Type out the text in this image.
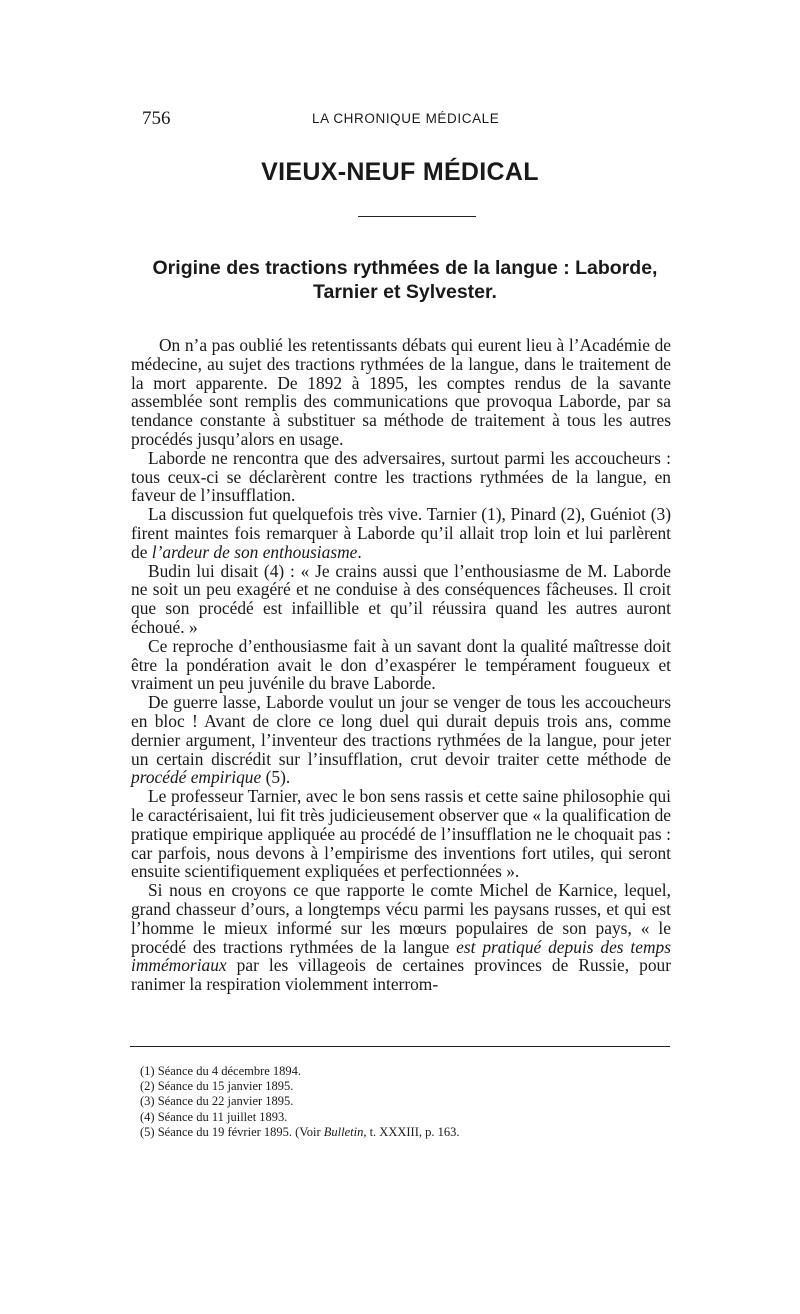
756	LA CHRONIQUE MÉDICALE
VIEUX-NEUF MÉDICAL
Origine des tractions rythmées de la langue : Laborde, Tarnier et Sylvester.

On n’a pas oublié les retentissants débats qui eurent lieu à l’Académie de médecine, au sujet des tractions rythmées de la langue, dans le traitement de la mort apparente. De 1892 à 1895, les comptes rendus de la savante assemblée sont remplis des communications que provoqua Laborde, par sa tendance constante à substituer sa méthode de traitement à tous les autres procédés jusqu’alors en usage.

Laborde ne rencontra que des adversaires, surtout parmi les accoucheurs : tous ceux-ci se déclarèrent contre les tractions rythmées de la langue, en faveur de l’insufflation.

La discussion fut quelquefois très vive. Tarnier (1), Pinard (2), Guéniot (3) firent maintes fois remarquer à Laborde qu’il allait trop loin et lui parlèrent de l’ardeur de son enthousiasme.

Budin lui disait (4) : « Je crains aussi que l’enthousiasme de M. Laborde ne soit un peu exagéré et ne conduise à des conséquences fâcheuses. Il croit que son procédé est infaillible et qu’il réussira quand les autres auront échoué. »

Ce reproche d’enthousiasme fait à un savant dont la qualité maîtresse doit être la pondération avait le don d’exaspérer le tempérament fougueux et vraiment un peu juvénile du brave Laborde.

De guerre lasse, Laborde voulut un jour se venger de tous les accoucheurs en bloc ! Avant de clore ce long duel qui durait depuis trois ans, comme dernier argument, l’inventeur des tractions rythmées de la langue, pour jeter un certain discrédit sur l’insufflation, crut devoir traiter cette méthode de procédé empirique (5).

Le professeur Tarnier, avec le bon sens rassis et cette saine philosophie qui le caractérisaient, lui fit très judicieusement observer que « la qualification de pratique empirique appliquée au procédé de l’insufflation ne le choquait pas : car parfois, nous devons à l’empirisme des inventions fort utiles, qui seront ensuite scientifiquement expliquées et perfectionnées ».

Si nous en croyons ce que rapporte le comte Michel de Karnice, lequel, grand chasseur d’ours, a longtemps vécu parmi les paysans russes, et qui est l’homme le mieux informé sur les mœurs populaires de son pays, « le procédé des tractions rythmées de la langue est pratiqué depuis des temps immémoriaux par les villageois de certaines provinces de Russie, pour ranimer la respiration violemment interrom-

(1) Séance du 4 décembre 1894.

(2) Séance du 15 janvier 1895.

(3) Séance du 22 janvier 1895.

(4) Séance du 11 juillet 1893.

(5) Séance du 19 février 1895. (Voir Bulletin, t. XXXIII, p. 163.
